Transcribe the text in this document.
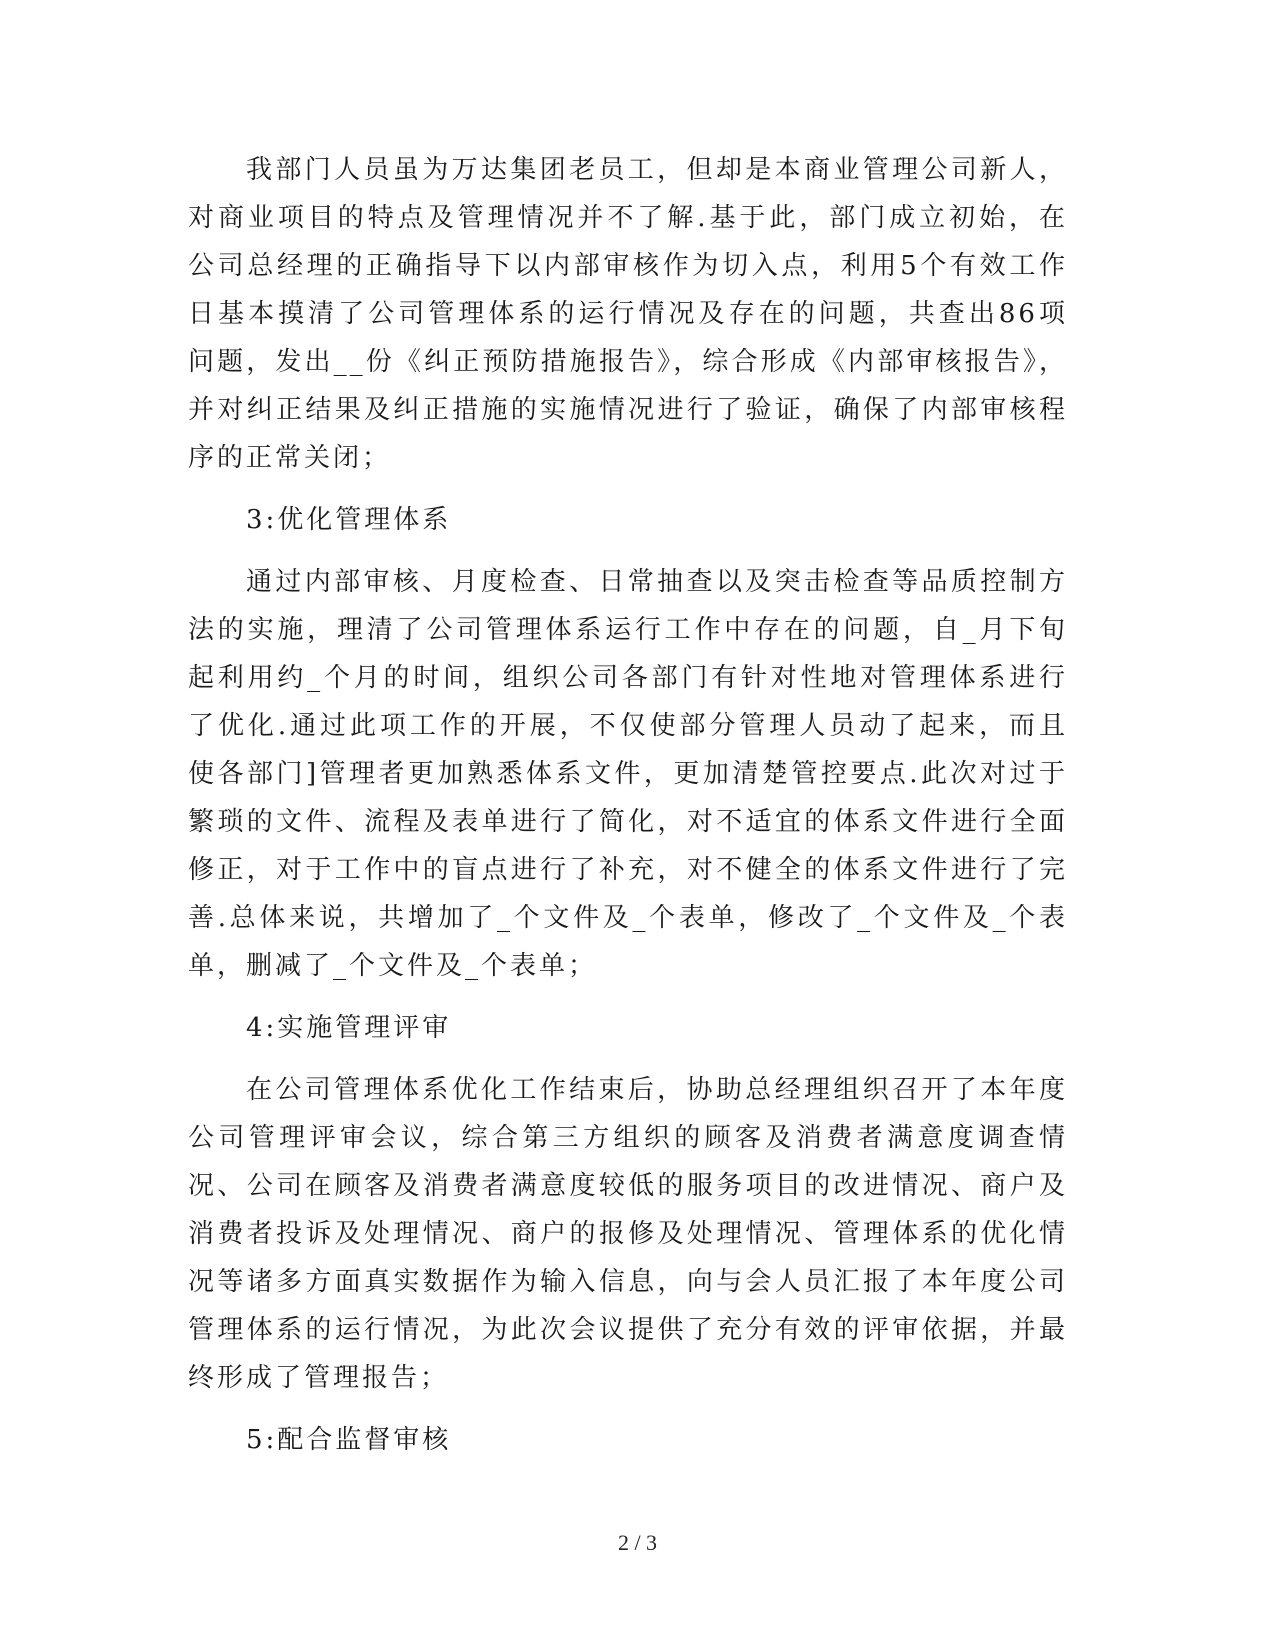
我部门人员虽为万达集团老员工，但却是本商业管理公司新人，对商业项目的特点及管理情况并不了解.基于此，部门成立初始，在公司总经理的正确指导下以内部审核作为切入点，利用5个有效工作日基本摸清了公司管理体系的运行情况及存在的问题，共查出86项问题，发出__份《纠正预防措施报告》，综合形成《内部审核报告》，并对纠正结果及纠正措施的实施情况进行了验证，确保了内部审核程序的正常关闭；

3:优化管理体系

通过内部审核、月度检查、日常抽查以及突击检查等品质控制方法的实施，理清了公司管理体系运行工作中存在的问题，自_月下旬起利用约_个月的时间，组织公司各部门有针对性地对管理体系进行了优化.通过此项工作的开展，不仅使部分管理人员动了起来，而且使各部门]管理者更加熟悉体系文件，更加清楚管控要点.此次对过于繁琐的文件、流程及表单进行了简化，对不适宜的体系文件进行全面修正，对于工作中的盲点进行了补充，对不健全的体系文件进行了完善.总体来说，共增加了_个文件及_个表单，修改了_个文件及_个表单，删减了_个文件及_个表单；

4:实施管理评审

在公司管理体系优化工作结束后，协助总经理组织召开了本年度公司管理评审会议，综合第三方组织的顾客及消费者满意度调查情况、公司在顾客及消费者满意度较低的服务项目的改进情况、商户及消费者投诉及处理情况、商户的报修及处理情况、管理体系的优化情况等诸多方面真实数据作为输入信息，向与会人员汇报了本年度公司管理体系的运行情况，为此次会议提供了充分有效的评审依据，并最终形成了管理报告；

5:配合监督审核

2 / 3
